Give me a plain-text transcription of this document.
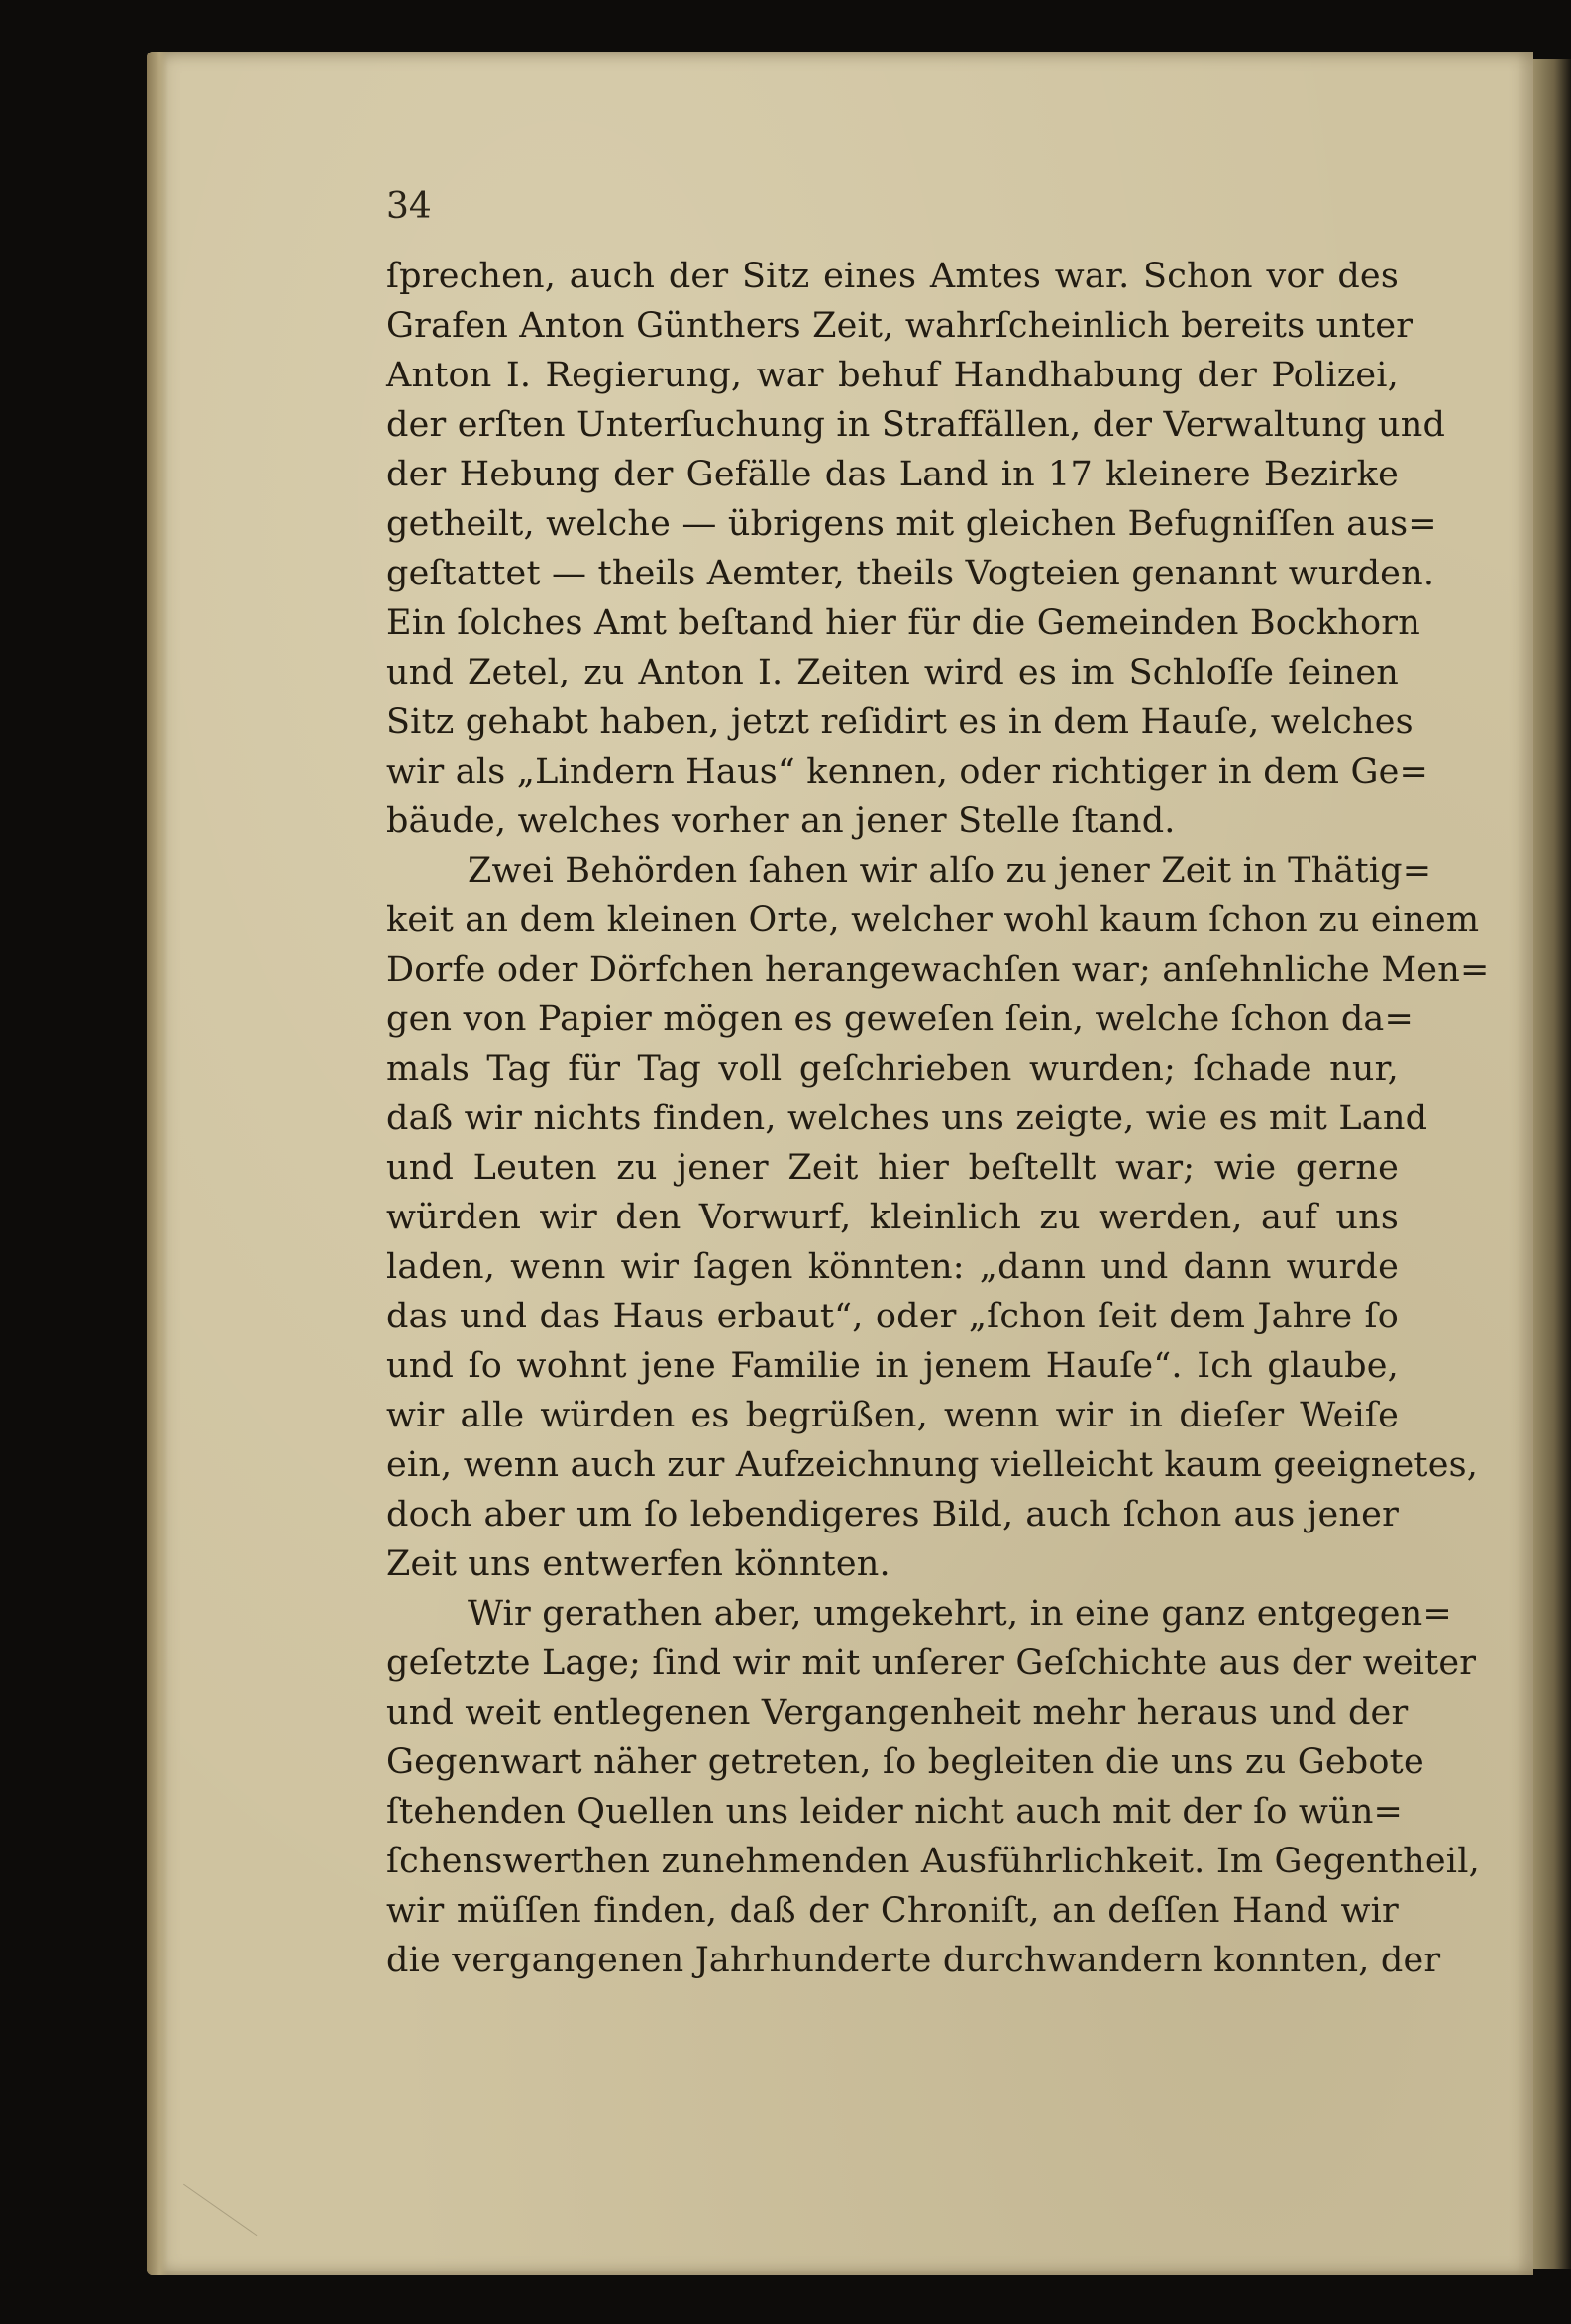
34
ſprechen, auch der Sitz eines Amtes war. Schon vor des
Grafen Anton Günthers Zeit, wahrſcheinlich bereits unter
Anton I. Regierung, war behuf Handhabung der Polizei,
der erſten Unterſuchung in Straffällen, der Verwaltung und
der Hebung der Gefälle das Land in 17 kleinere Bezirke
getheilt, welche — übrigens mit gleichen Befugniſſen aus=
geſtattet — theils Aemter, theils Vogteien genannt wurden.
Ein ſolches Amt beſtand hier für die Gemeinden Bockhorn
und Zetel, zu Anton I. Zeiten wird es im Schloſſe ſeinen
Sitz gehabt haben, jetzt reſidirt es in dem Hauſe, welches
wir als „Lindern Haus“ kennen, oder richtiger in dem Ge=
bäude, welches vorher an jener Stelle ſtand.
Zwei Behörden ſahen wir alſo zu jener Zeit in Thätig=
keit an dem kleinen Orte, welcher wohl kaum ſchon zu einem
Dorfe oder Dörfchen herangewachſen war; anſehnliche Men=
gen von Papier mögen es geweſen ſein, welche ſchon da=
mals Tag für Tag voll geſchrieben wurden; ſchade nur,
daß wir nichts finden, welches uns zeigte, wie es mit Land
und Leuten zu jener Zeit hier beſtellt war; wie gerne
würden wir den Vorwurf, kleinlich zu werden, auf uns
laden, wenn wir ſagen könnten: „dann und dann wurde
das und das Haus erbaut“, oder „ſchon ſeit dem Jahre ſo
und ſo wohnt jene Familie in jenem Hauſe“. Ich glaube,
wir alle würden es begrüßen, wenn wir in dieſer Weiſe
ein, wenn auch zur Aufzeichnung vielleicht kaum geeignetes,
doch aber um ſo lebendigeres Bild, auch ſchon aus jener
Zeit uns entwerfen könnten.
Wir gerathen aber, umgekehrt, in eine ganz entgegen=
geſetzte Lage; ſind wir mit unſerer Geſchichte aus der weiter
und weit entlegenen Vergangenheit mehr heraus und der
Gegenwart näher getreten, ſo begleiten die uns zu Gebote
ſtehenden Quellen uns leider nicht auch mit der ſo wün=
ſchenswerthen zunehmenden Ausführlichkeit. Im Gegentheil,
wir müſſen finden, daß der Chroniſt, an deſſen Hand wir
die vergangenen Jahrhunderte durchwandern konnten, der
